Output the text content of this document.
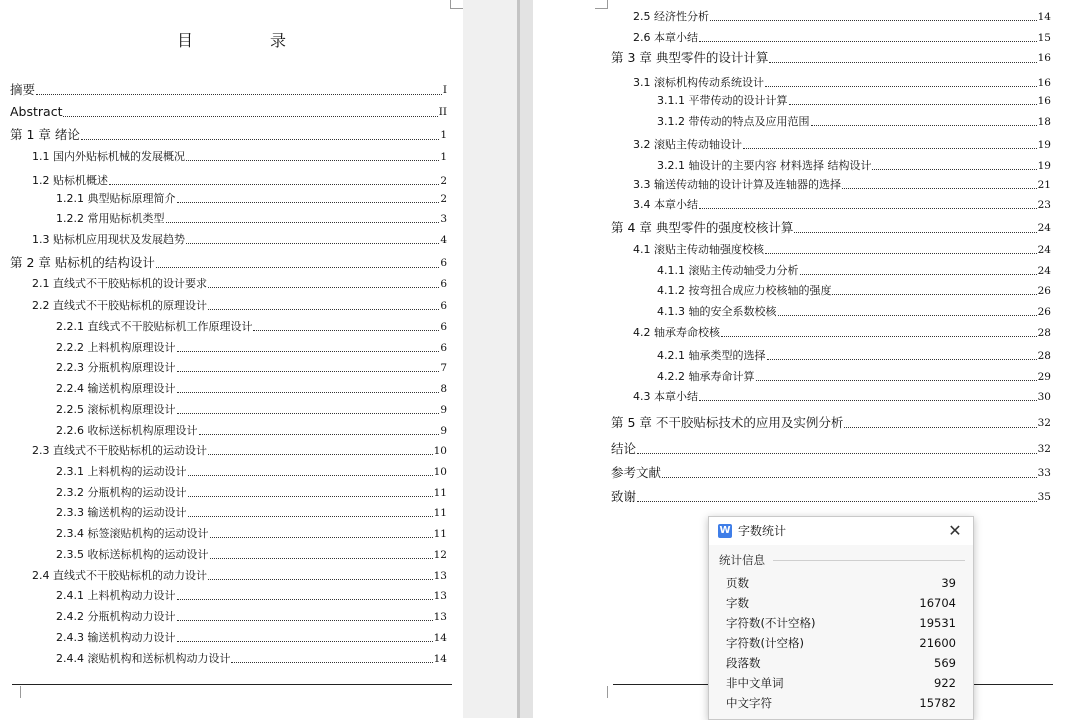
目 录
摘要	I
Abstract	II
第 1 章 绪论	1
1.1 国内外贴标机械的发展概况	1
1.2 贴标机概述	2
1.2.1 典型贴标原理简介	2
1.2.2 常用贴标机类型	3
1.3 贴标机应用现状及发展趋势	4
第 2 章 贴标机的结构设计	6
2.1 直线式不干胶贴标机的设计要求	6
2.2 直线式不干胶贴标机的原理设计	6
2.2.1 直线式不干胶贴标机工作原理设计	6
2.2.2 上料机构原理设计	6
2.2.3 分瓶机构原理设计	7
2.2.4 输送机构原理设计	8
2.2.5 滚标机构原理设计	9
2.2.6 收标送标机构原理设计	9
2.3 直线式不干胶贴标机的运动设计	10
2.3.1 上料机构的运动设计	10
2.3.2 分瓶机构的运动设计	11
2.3.3 输送机构的运动设计	11
2.3.4 标签滚贴机构的运动设计	11
2.3.5 收标送标机构的运动设计	12
2.4 直线式不干胶贴标机的动力设计	13
2.4.1 上料机构动力设计	13
2.4.2 分瓶机构动力设计	13
2.4.3 输送机构动力设计	14
2.4.4 滚贴机构和送标机构动力设计	14
2.5 经济性分析	14
2.6 本章小结	15
第 3 章 典型零件的设计计算	16
3.1 滚标机构传动系统设计	16
3.1.1 平带传动的设计计算	16
3.1.2 带传动的特点及应用范围	18
3.2 滚贴主传动轴设计	19
3.2.1 轴设计的主要内容 材料选择 结构设计	19
3.3 输送传动轴的设计计算及连轴器的选择	21
3.4 本章小结	23
第 4 章 典型零件的强度校核计算	24
4.1 滚贴主传动轴强度校核	24
4.1.1 滚贴主传动轴受力分析	24
4.1.2 按弯扭合成应力校核轴的强度	26
4.1.3 轴的安全系数校核	26
4.2 轴承寿命校核	28
4.2.1 轴承类型的选择	28
4.2.2 轴承寿命计算	29
4.3 本章小结	30
第 5 章 不干胶贴标技术的应用及实例分析	32
结论	32
参考文献	33
致谢	35
W 字数统计	✕
统计信息
页数	39
字数	16704
字符数(不计空格)	19531
字符数(计空格)	21600
段落数	569
非中文单词	922
中文字符	15782
